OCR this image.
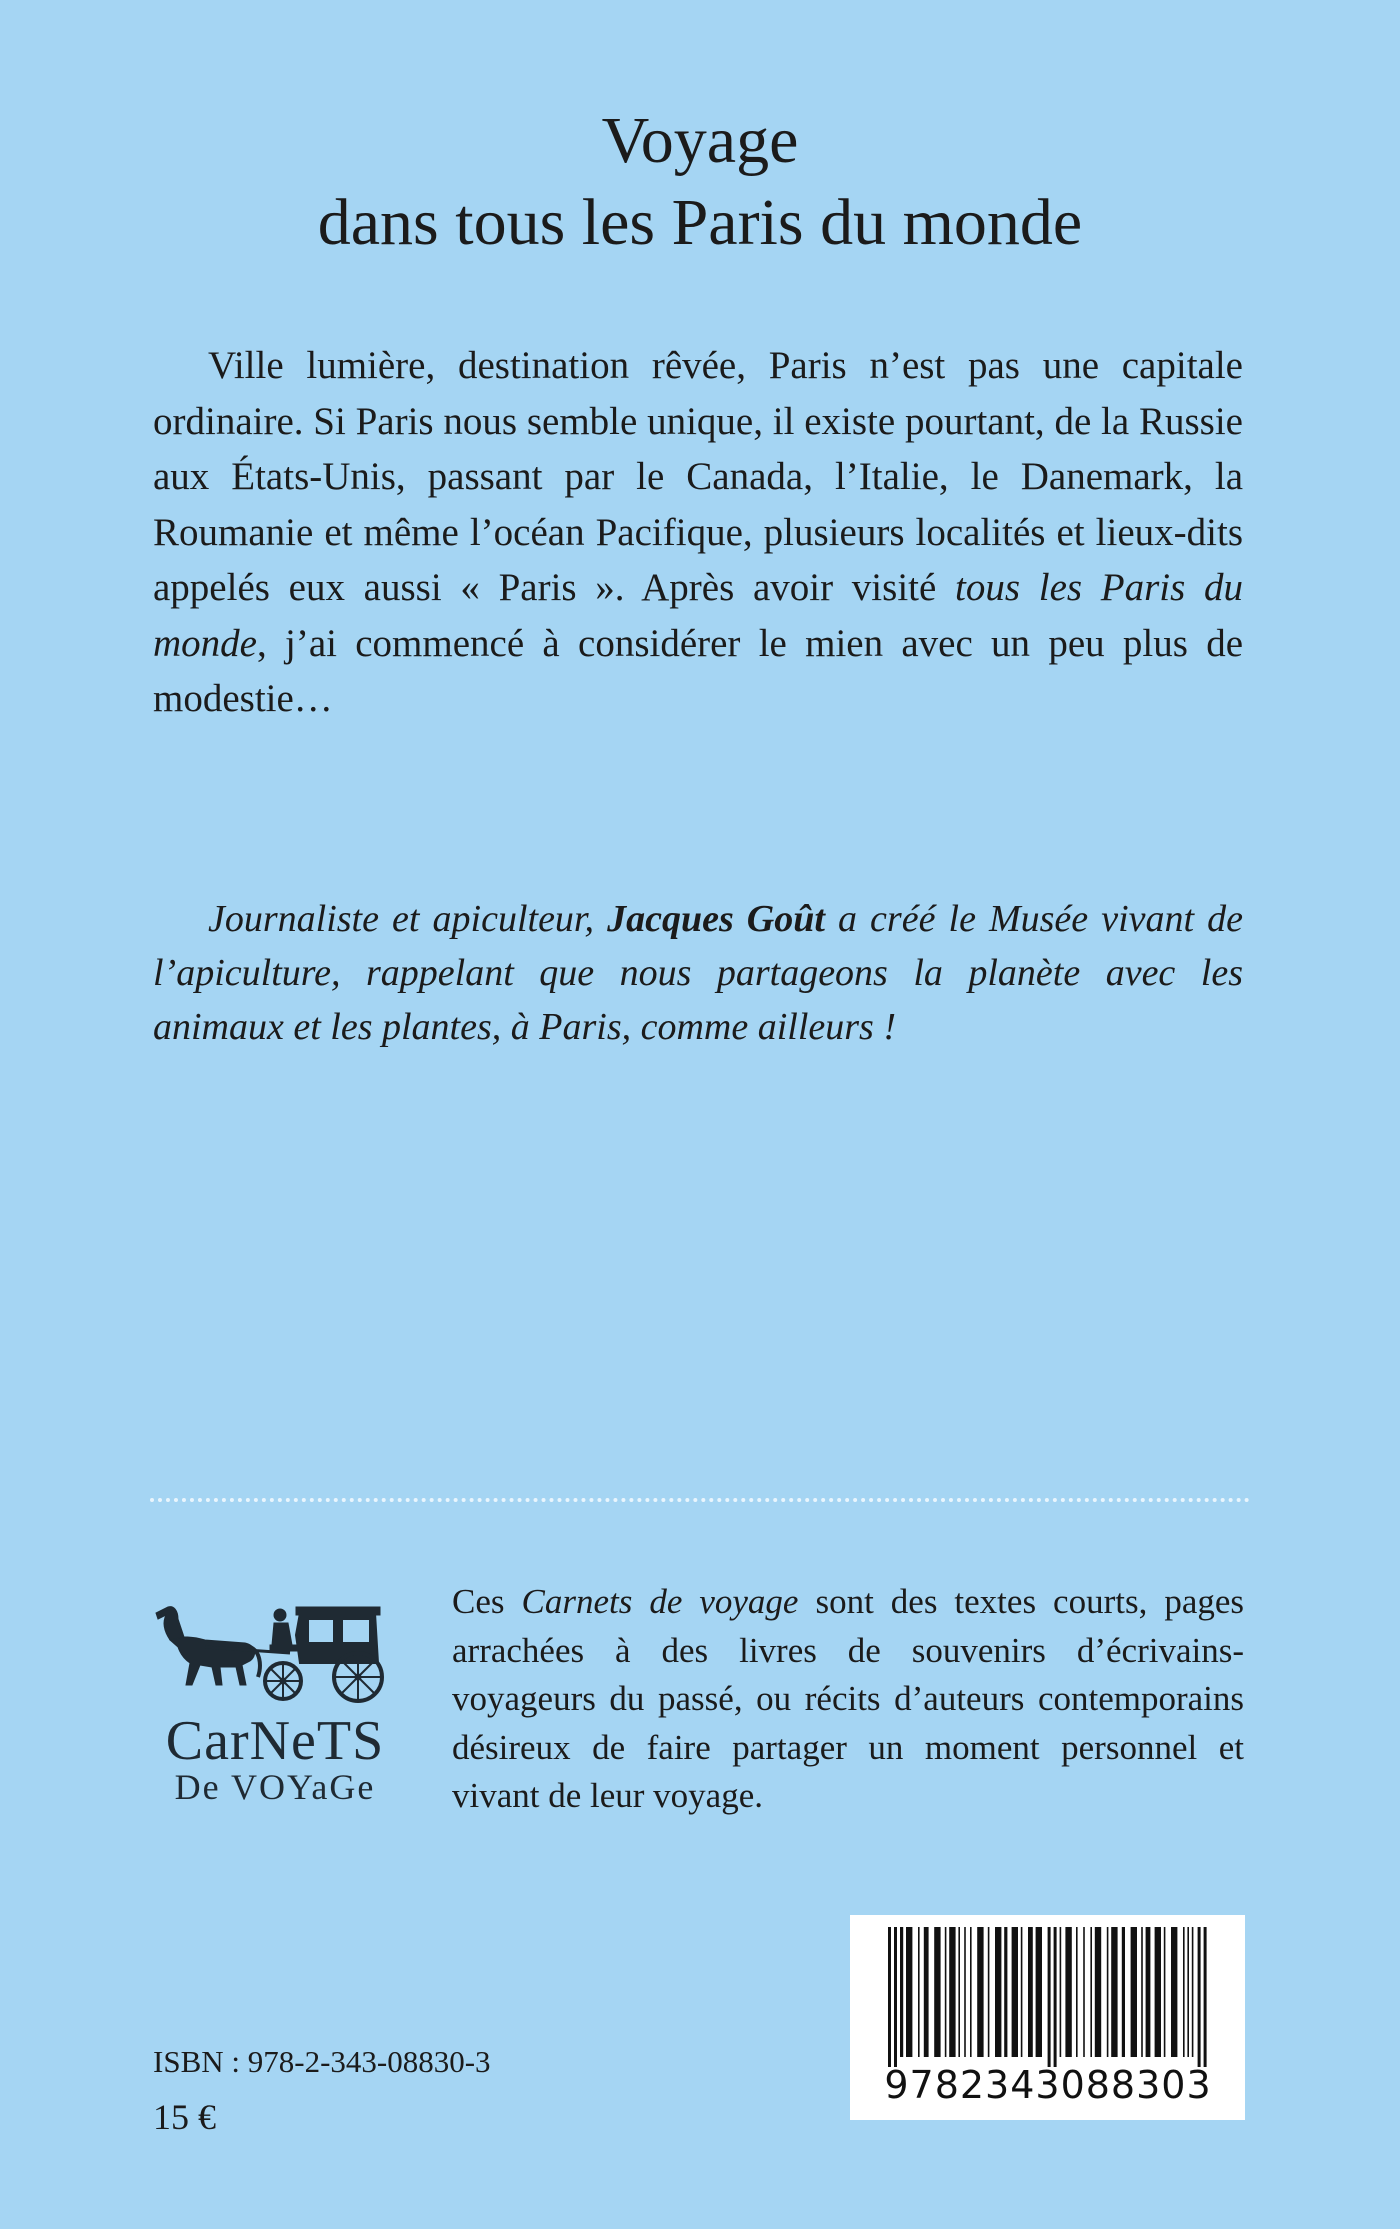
Voyage
dans tous les Paris du monde

Ville lumière, destination rêvée, Paris n’est pas une capitale ordinaire. Si Paris nous semble unique, il existe pourtant, de la Russie aux États-Unis, passant par le Canada, l’Italie, le Danemark, la Roumanie et même l’océan Pacifique, plusieurs localités et lieux-dits appelés eux aussi « Paris ». Après avoir visité tous les Paris du monde, j’ai commencé à considérer le mien avec un peu plus de modestie…

Journaliste et apiculteur, Jacques Goût a créé le Musée vivant de l’apiculture, rappelant que nous partageons la planète avec les animaux et les plantes, à Paris, comme ailleurs !

CarNeTS
De VOYaGe

Ces Carnets de voyage sont des textes courts, pages arrachées à des livres de souvenirs d’écrivains-voyageurs du passé, ou récits d’auteurs contemporains désireux de faire partager un moment personnel et vivant de leur voyage.

9782343088303
ISBN : 978-2-343-08830-3
15 €
